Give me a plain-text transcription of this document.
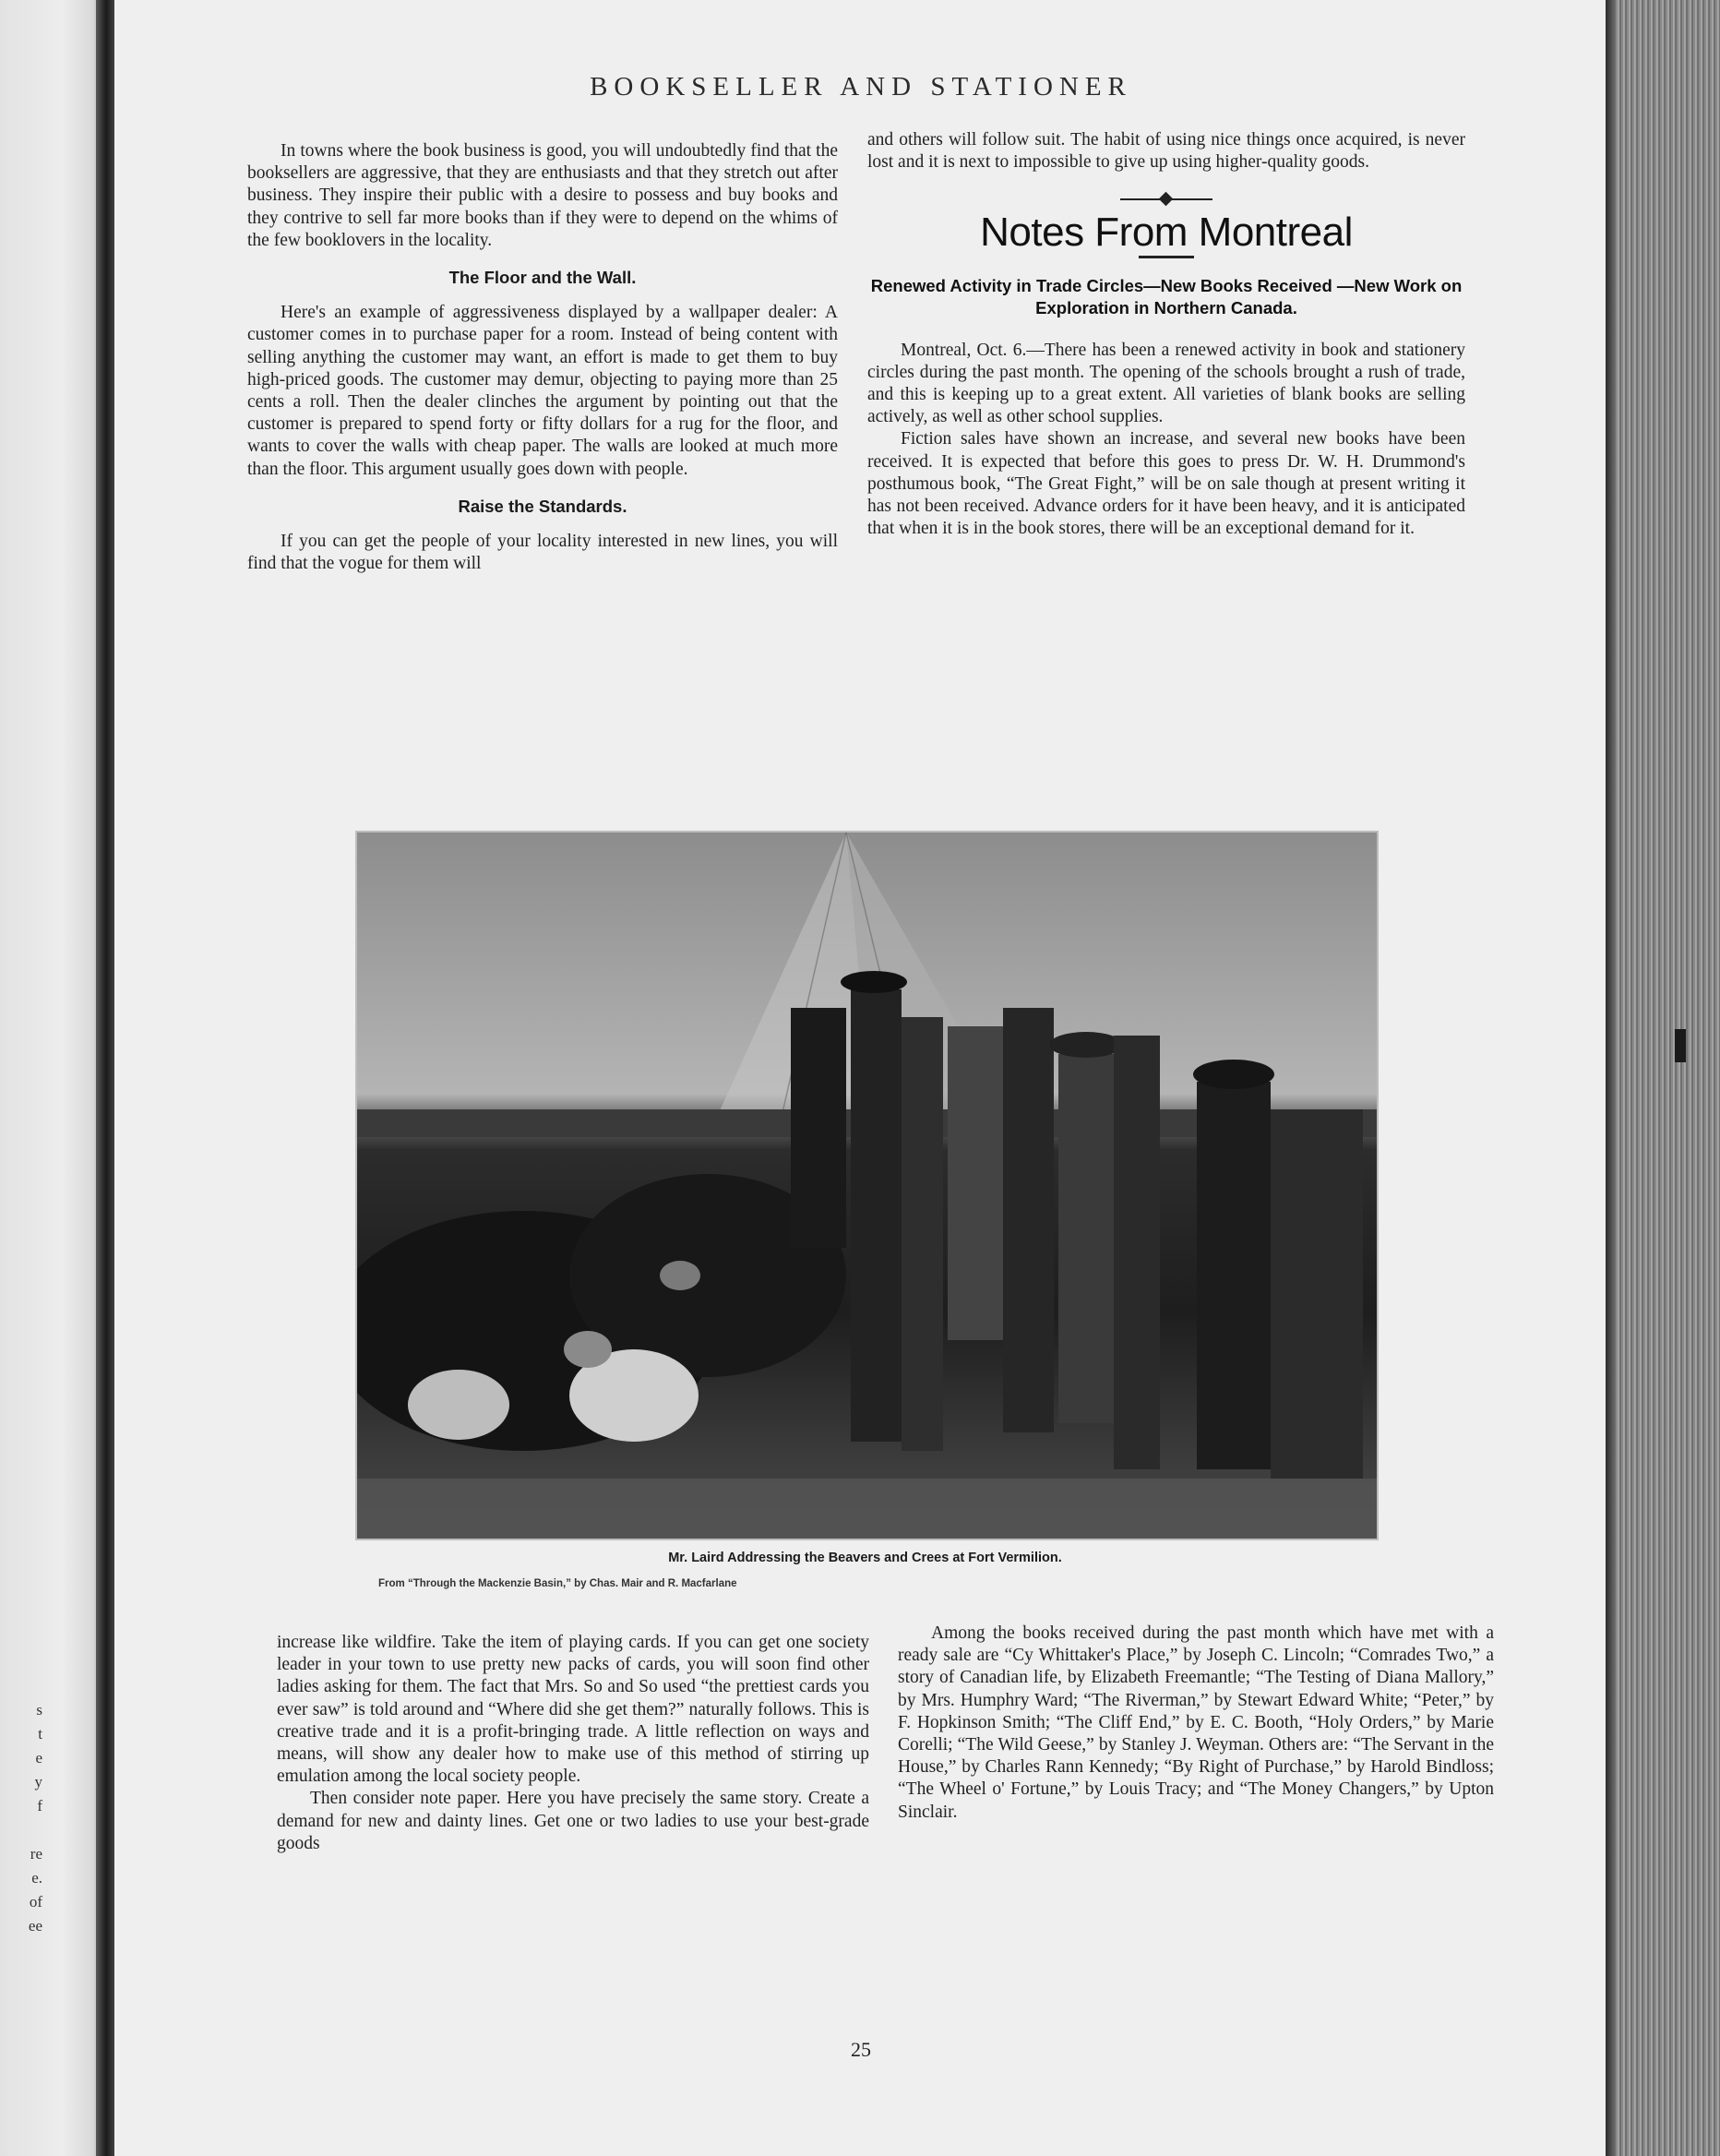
s
t
e
y
f
re
e.
of
ee
BOOKSELLER AND STATIONER

In towns where the book business is good, you will undoubtedly find that the booksellers are aggressive, that they are enthusiasts and that they stretch out after business. They inspire their public with a desire to possess and buy books and they contrive to sell far more books than if they were to depend on the whims of the few booklovers in the locality.

The Floor and the Wall.

Here's an example of aggressiveness displayed by a wallpaper dealer: A customer comes in to purchase paper for a room. Instead of being content with selling anything the customer may want, an effort is made to get them to buy high-priced goods. The customer may demur, objecting to paying more than 25 cents a roll. Then the dealer clinches the argument by pointing out that the customer is prepared to spend forty or fifty dollars for a rug for the floor, and wants to cover the walls with cheap paper. The walls are looked at much more than the floor. This argument usually goes down with people.

Raise the Standards.

If you can get the people of your locality interested in new lines, you will find that the vogue for them will

and others will follow suit. The habit of using nice things once acquired, is never lost and it is next to impossible to give up using higher-quality goods.

Notes From Montreal
Renewed Activity in Trade Circles—New Books Received —New Work on Exploration in Northern Canada.

Montreal, Oct. 6.—There has been a renewed activity in book and stationery circles during the past month. The opening of the schools brought a rush of trade, and this is keeping up to a great extent. All varieties of blank books are selling actively, as well as other school supplies.

Fiction sales have shown an increase, and several new books have been received. It is expected that before this goes to press Dr. W. H. Drummond's posthumous book, “The Great Fight,” will be on sale though at present writing it has not been received. Advance orders for it have been heavy, and it is anticipated that when it is in the book stores, there will be an exceptional demand for it.

Mr. Laird Addressing the Beavers and Crees at Fort Vermilion.
From “Through the Mackenzie Basin,” by Chas. Mair and R. Macfarlane

increase like wildfire. Take the item of playing cards. If you can get one society leader in your town to use pretty new packs of cards, you will soon find other ladies asking for them. The fact that Mrs. So and So used “the prettiest cards you ever saw” is told around and “Where did she get them?” naturally follows. This is creative trade and it is a profit-bringing trade. A little reflection on ways and means, will show any dealer how to make use of this method of stirring up emulation among the local society people.

Then consider note paper. Here you have precisely the same story. Create a demand for new and dainty lines. Get one or two ladies to use your best-grade goods

Among the books received during the past month which have met with a ready sale are “Cy Whittaker's Place,” by Joseph C. Lincoln; “Comrades Two,” a story of Canadian life, by Elizabeth Freemantle; “The Testing of Diana Mallory,” by Mrs. Humphry Ward; “The Riverman,” by Stewart Edward White; “Peter,” by F. Hopkinson Smith; “The Cliff End,” by E. C. Booth, “Holy Orders,” by Marie Corelli; “The Wild Geese,” by Stanley J. Weyman. Others are: “The Servant in the House,” by Charles Rann Kennedy; “By Right of Purchase,” by Harold Bindloss; “The Wheel o' Fortune,” by Louis Tracy; and “The Money Changers,” by Upton Sinclair.

25
